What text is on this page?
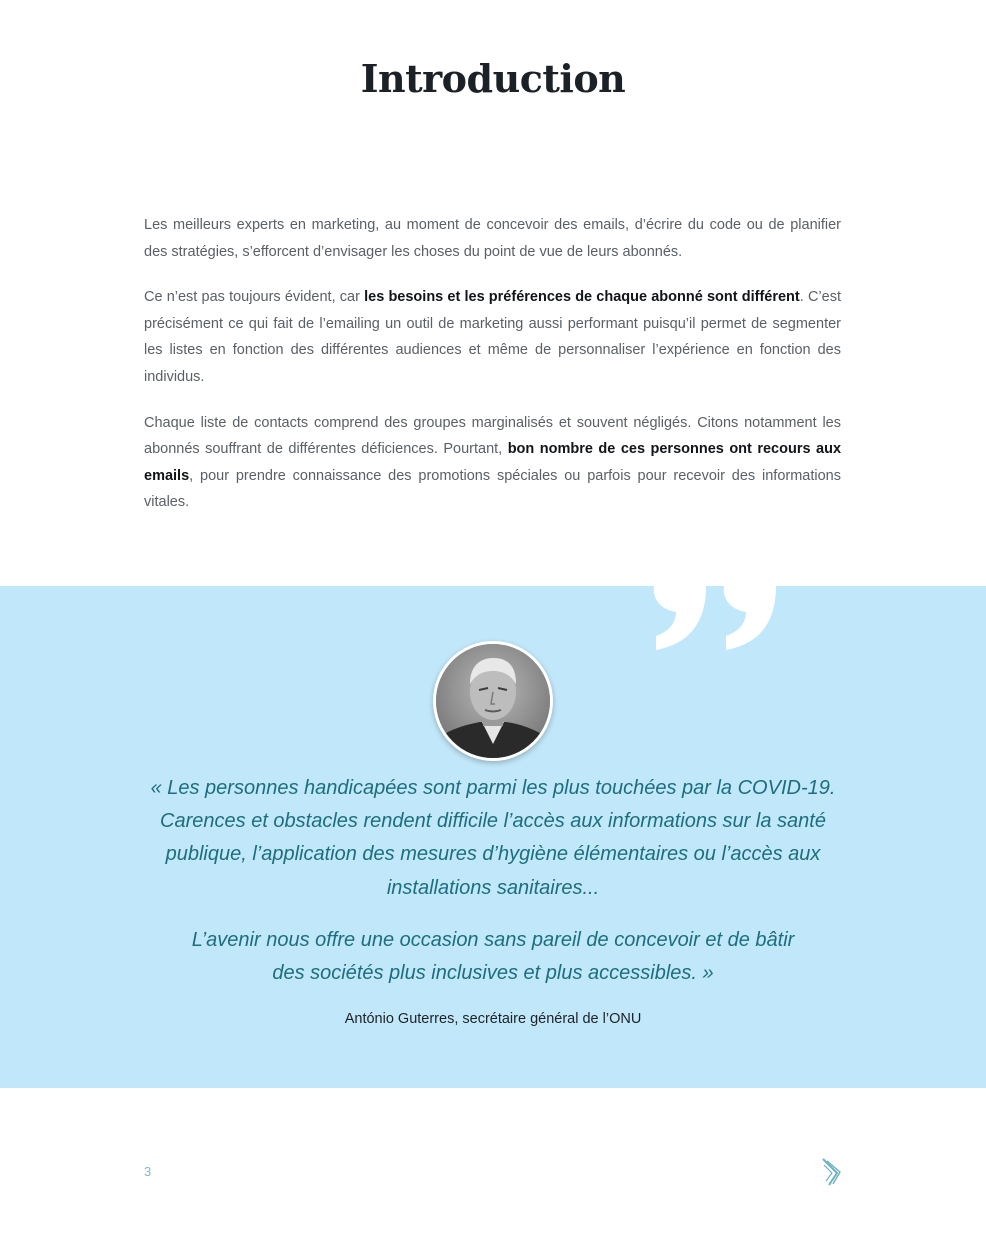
Introduction

Les meilleurs experts en marketing, au moment de concevoir des emails, d’écrire du code ou de planifier des stratégies, s’efforcent d’envisager les choses du point de vue de leurs abonnés.

Ce n’est pas toujours évident, car les besoins et les préférences de chaque abonné sont différent. C’est précisément ce qui fait de l’emailing un outil de marketing aussi performant puisqu’il permet de segmenter les listes en fonction des différentes audiences et même de personnaliser l’expérience en fonction des individus.

Chaque liste de contacts comprend des groupes marginalisés et souvent négligés. Citons notamment les abonnés souffrant de différentes déficiences. Pourtant, bon nombre de ces personnes ont recours aux emails, pour prendre connaissance des promotions spéciales ou parfois pour recevoir des informations vitales.

« Les personnes handicapées sont parmi les plus touchées par la COVID-19.
Carences et obstacles rendent difficile l’accès aux informations sur la santé
publique, l’application des mesures d’hygiène élémentaires ou l’accès aux
installations sanitaires...

L’avenir nous offre une occasion sans pareil de concevoir et de bâtir
des sociétés plus inclusives et plus accessibles. »

António Guterres, secrétaire général de l’ONU
3
